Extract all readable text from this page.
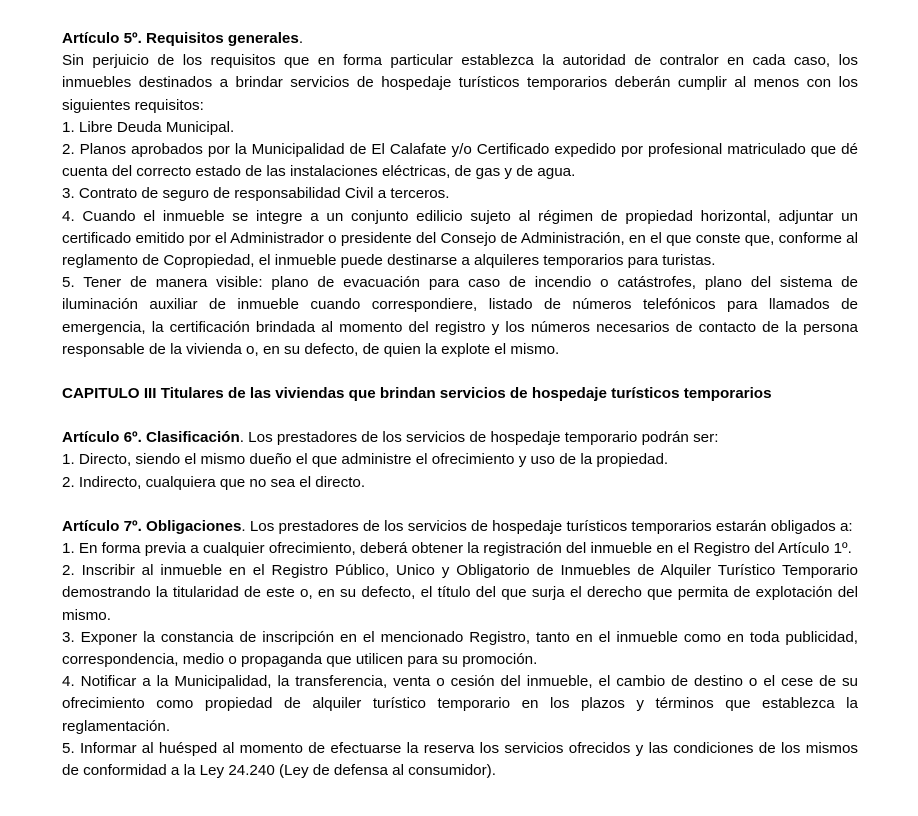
Artículo 5º. Requisitos generales.

Sin perjuicio de los requisitos que en forma particular establezca la autoridad de contralor en cada caso, los inmuebles destinados a brindar servicios de hospedaje turísticos temporarios deberán cumplir al menos con los siguientes requisitos:

1. Libre Deuda Municipal.

2. Planos aprobados por la Municipalidad de El Calafate y/o Certificado expedido por profesional matriculado que dé cuenta del correcto estado de las instalaciones eléctricas, de gas y de agua.

3. Contrato de seguro de responsabilidad Civil a terceros.

4. Cuando el inmueble se integre a un conjunto edilicio sujeto al régimen de propiedad horizontal, adjuntar un certificado emitido por el Administrador o presidente del Consejo de Administración, en el que conste que, conforme al reglamento de Copropiedad, el inmueble puede destinarse a alquileres temporarios para turistas.

5. Tener de manera visible: plano de evacuación para caso de incendio o catástrofes, plano del sistema de iluminación auxiliar de inmueble cuando correspondiere, listado de números telefónicos para llamados de emergencia, la certificación brindada al momento del registro y los números necesarios de contacto de la persona responsable de la vivienda o, en su defecto, de quien la explote el mismo.

CAPITULO III Titulares de las viviendas que brindan servicios de hospedaje turísticos temporarios

Artículo 6º. Clasificación. Los prestadores de los servicios de hospedaje temporario podrán ser:

1. Directo, siendo el mismo dueño el que administre el ofrecimiento y uso de la propiedad.

2. Indirecto, cualquiera que no sea el directo.

Artículo 7º. Obligaciones. Los prestadores de los servicios de hospedaje turísticos temporarios estarán obligados a:

1. En forma previa a cualquier ofrecimiento, deberá obtener la registración del inmueble en el Registro del Artículo 1º.

2. Inscribir al inmueble en el Registro Público, Unico y Obligatorio de Inmuebles de Alquiler Turístico Temporario demostrando la titularidad de este o, en su defecto, el título del que surja el derecho que permita de explotación del mismo.

3. Exponer la constancia de inscripción en el mencionado Registro, tanto en el inmueble como en toda publicidad, correspondencia, medio o propaganda que utilicen para su promoción.

4. Notificar a la Municipalidad, la transferencia, venta o cesión del inmueble, el cambio de destino o el cese de su ofrecimiento como propiedad de alquiler turístico temporario en los plazos y términos que establezca la reglamentación.

5. Informar al huésped al momento de efectuarse la reserva los servicios ofrecidos y las condiciones de los mismos de conformidad a la Ley 24.240 (Ley de defensa al consumidor).
